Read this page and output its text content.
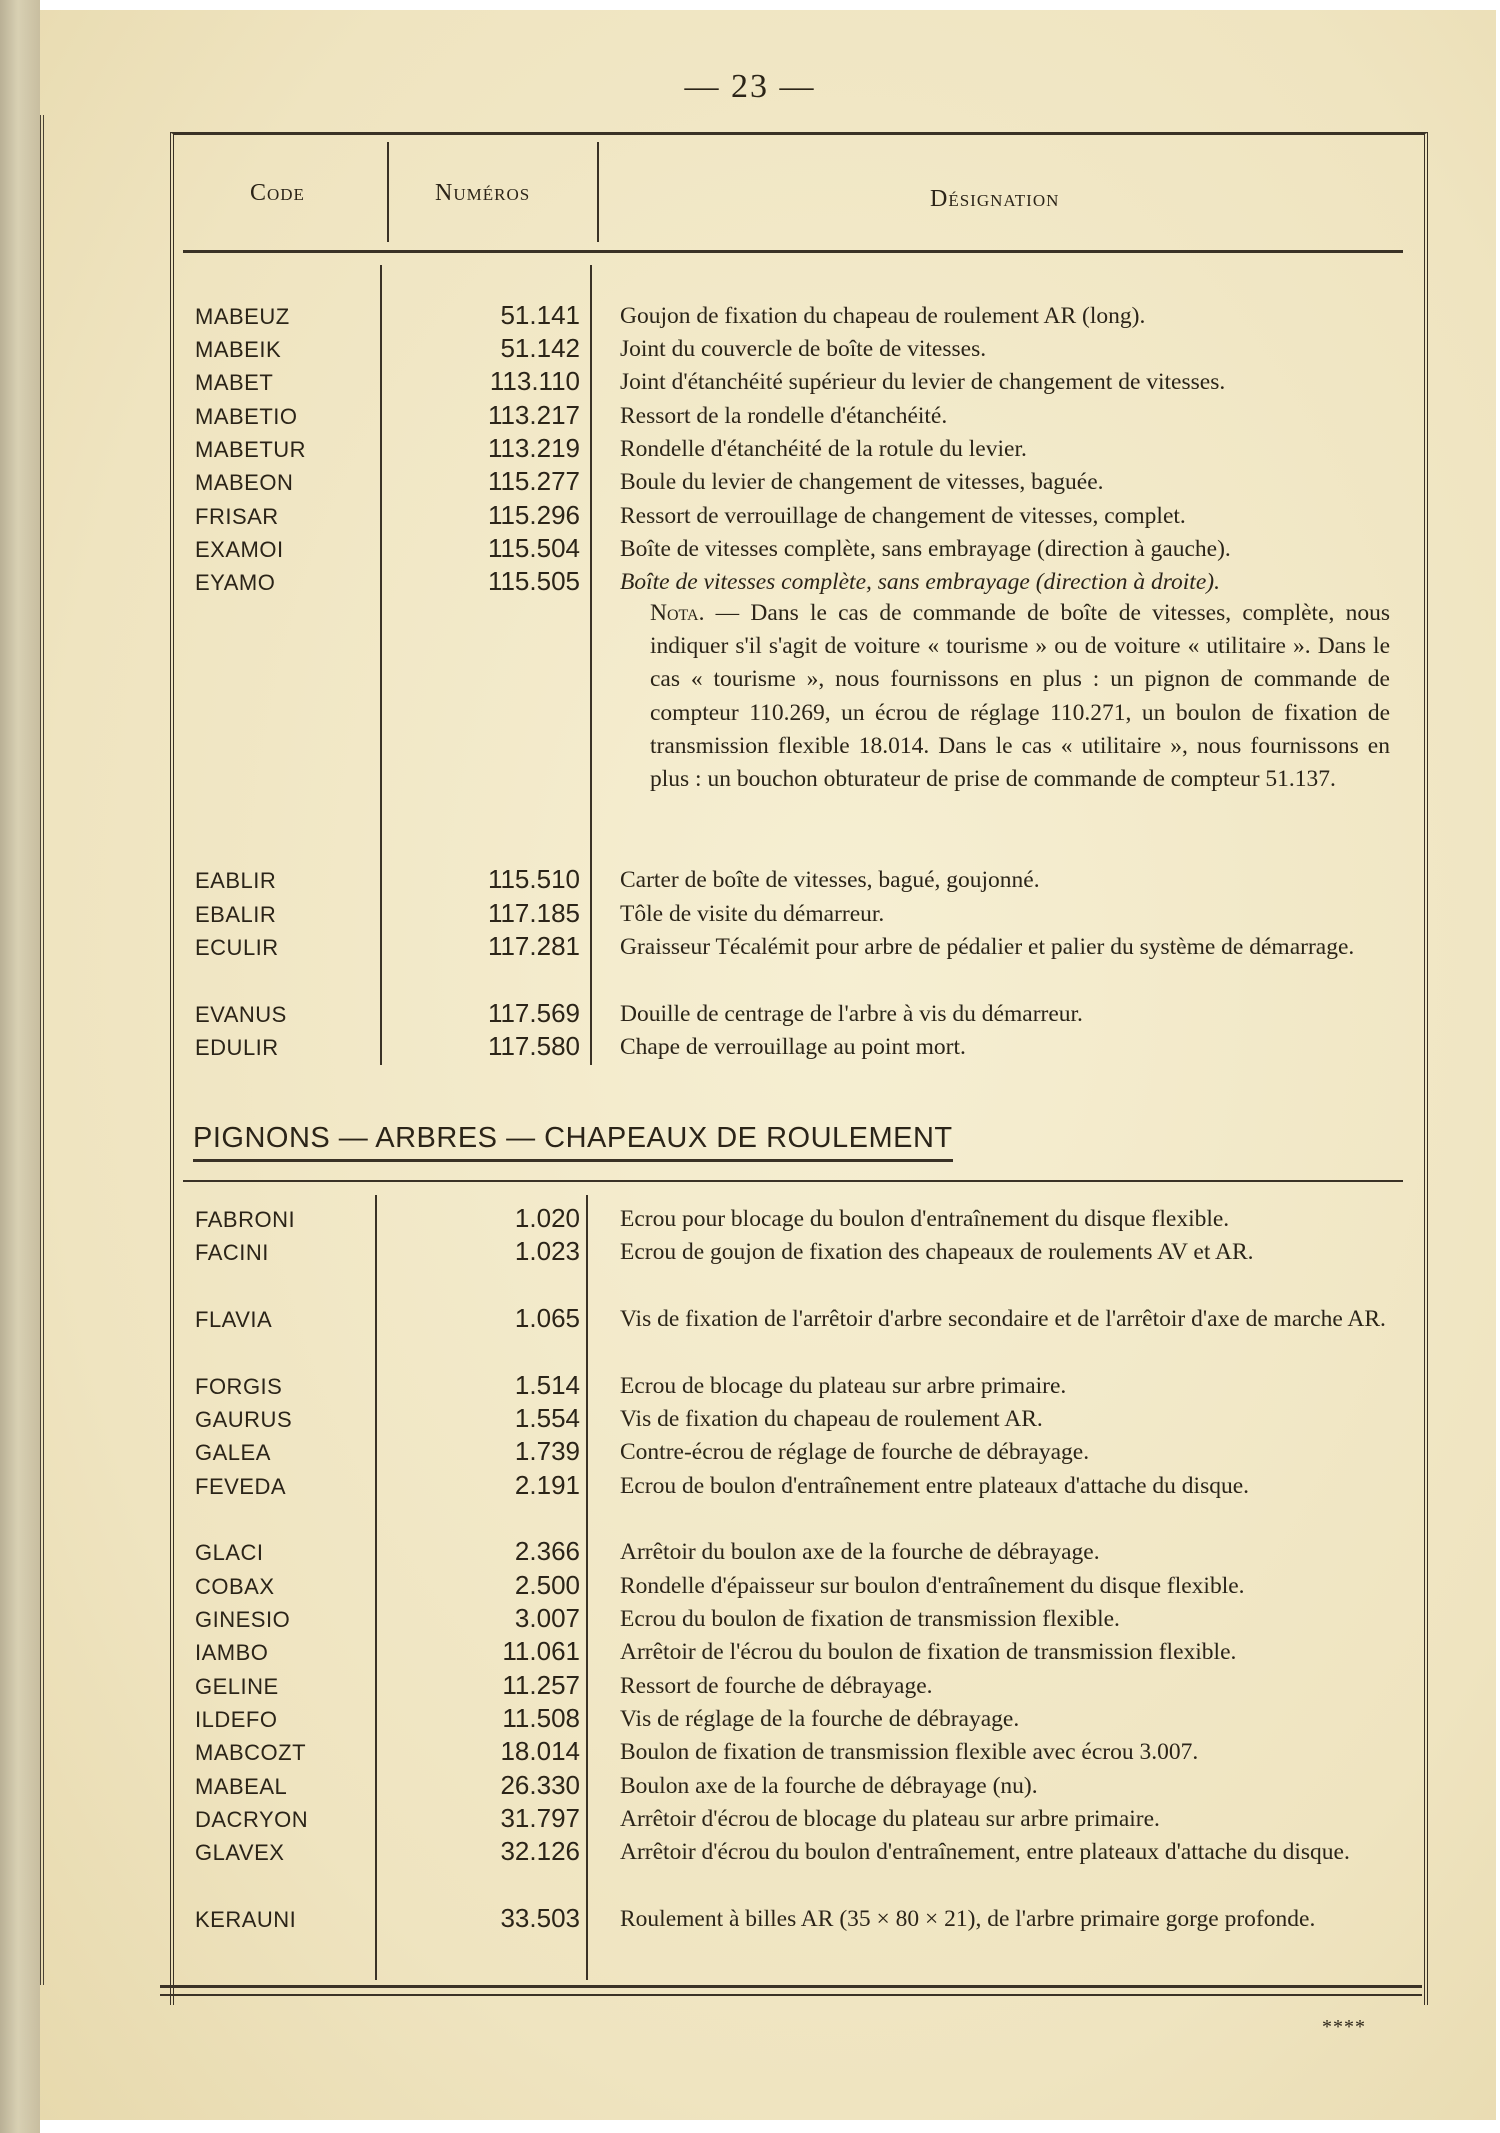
— 23 —
Code	Numéros	Désignation
MABEUZ	51.141 Goujon de fixation du chapeau de roulement AR (long).
MABEIK	51.142 Joint du couvercle de boîte de vitesses.
MABET	113.110 Joint d'étanchéité supérieur du levier de changement de vitesses.
MABETIO	113.217 Ressort de la rondelle d'étanchéité.
MABETUR	113.219 Rondelle d'étanchéité de la rotule du levier.
MABEON	115.277 Boule du levier de changement de vitesses, baguée.
FRISAR	115.296 Ressort de verrouillage de changement de vitesses, complet.
EXAMOI	115.504 Boîte de vitesses complète, sans embrayage (direction à gauche).
EYAMO	115.505 Boîte de vitesses complète, sans embrayage (direction à droite).
Nota. — Dans le cas de commande de boîte de vitesses, complète, nous indiquer s'il s'agit de voiture « tourisme » ou de voiture « utilitaire ». Dans le cas « tourisme », nous fournissons en plus : un pignon de commande de compteur 110.269, un écrou de réglage 110.271, un boulon de fixation de transmission flexible 18.014. Dans le cas « utilitaire », nous fournissons en plus : un bouchon obturateur de prise de commande de compteur 51.137.
EABLIR	115.510 Carter de boîte de vitesses, bagué, goujonné.
EBALIR	117.185 Tôle de visite du démarreur.
ECULIR	117.281 Graisseur Técalémit pour arbre de pédalier et palier du système de démarrage.
EVANUS	117.569 Douille de centrage de l'arbre à vis du démarreur.
EDULIR	117.580 Chape de verrouillage au point mort.
PIGNONS — ARBRES — CHAPEAUX DE ROULEMENT
FABRONI	1.020 Ecrou pour blocage du boulon d'entraînement du disque flexible.
FACINI	1.023 Ecrou de goujon de fixation des chapeaux de roulements AV et AR.
FLAVIA	1.065 Vis de fixation de l'arrêtoir d'arbre secondaire et de l'arrêtoir d'axe de marche AR.
FORGIS	1.514 Ecrou de blocage du plateau sur arbre primaire.
GAURUS	1.554 Vis de fixation du chapeau de roulement AR.
GALEA	1.739 Contre-écrou de réglage de fourche de débrayage.
FEVEDA	2.191 Ecrou de boulon d'entraînement entre plateaux d'attache du disque.
GLACI	2.366 Arrêtoir du boulon axe de la fourche de débrayage.
COBAX	2.500 Rondelle d'épaisseur sur boulon d'entraînement du disque flexible.
GINESIO	3.007 Ecrou du boulon de fixation de transmission flexible.
IAMBO	11.061 Arrêtoir de l'écrou du boulon de fixation de transmission flexible.
GELINE	11.257 Ressort de fourche de débrayage.
ILDEFO	11.508 Vis de réglage de la fourche de débrayage.
MABCOZT	18.014 Boulon de fixation de transmission flexible avec écrou 3.007.
MABEAL	26.330 Boulon axe de la fourche de débrayage (nu).
DACRYON	31.797 Arrêtoir d'écrou de blocage du plateau sur arbre primaire.
GLAVEX	32.126 Arrêtoir d'écrou du boulon d'entraînement, entre plateaux d'attache du disque.
KERAUNI	33.503 Roulement à billes AR (35 × 80 × 21), de l'arbre primaire gorge profonde.
****
